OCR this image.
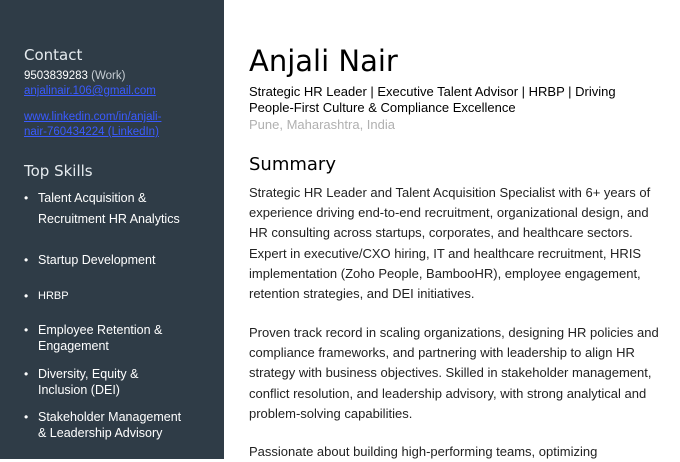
Contact
9503839283 (Work)
anjalinair.106@gmail.com
www.linkedin.com/in/anjali-nair-760434224 (LinkedIn)
Top Skills
• Talent Acquisition & Recruitment HR Analytics
• Startup Development
• HRBP
• Employee Retention & Engagement
• Diversity, Equity & Inclusion (DEI)
• Stakeholder Management & Leadership Advisory
Anjali Nair
Strategic HR Leader | Executive Talent Advisor | HRBP | Driving People-First Culture & Compliance Excellence
Pune, Maharashtra, India
Summary

Strategic HR Leader and Talent Acquisition Specialist with 6+ years of experience driving end-to-end recruitment, organizational design, and HR consulting across startups, corporates, and healthcare sectors. Expert in executive/CXO hiring, IT and healthcare recruitment, HRIS implementation (Zoho People, BambooHR), employee engagement, retention strategies, and DEI initiatives.

Proven track record in scaling organizations, designing HR policies and compliance frameworks, and partnering with leadership to align HR strategy with business objectives. Skilled in stakeholder management, conflict resolution, and leadership advisory, with strong analytical and problem-solving capabilities.

Passionate about building high-performing teams, optimizing
